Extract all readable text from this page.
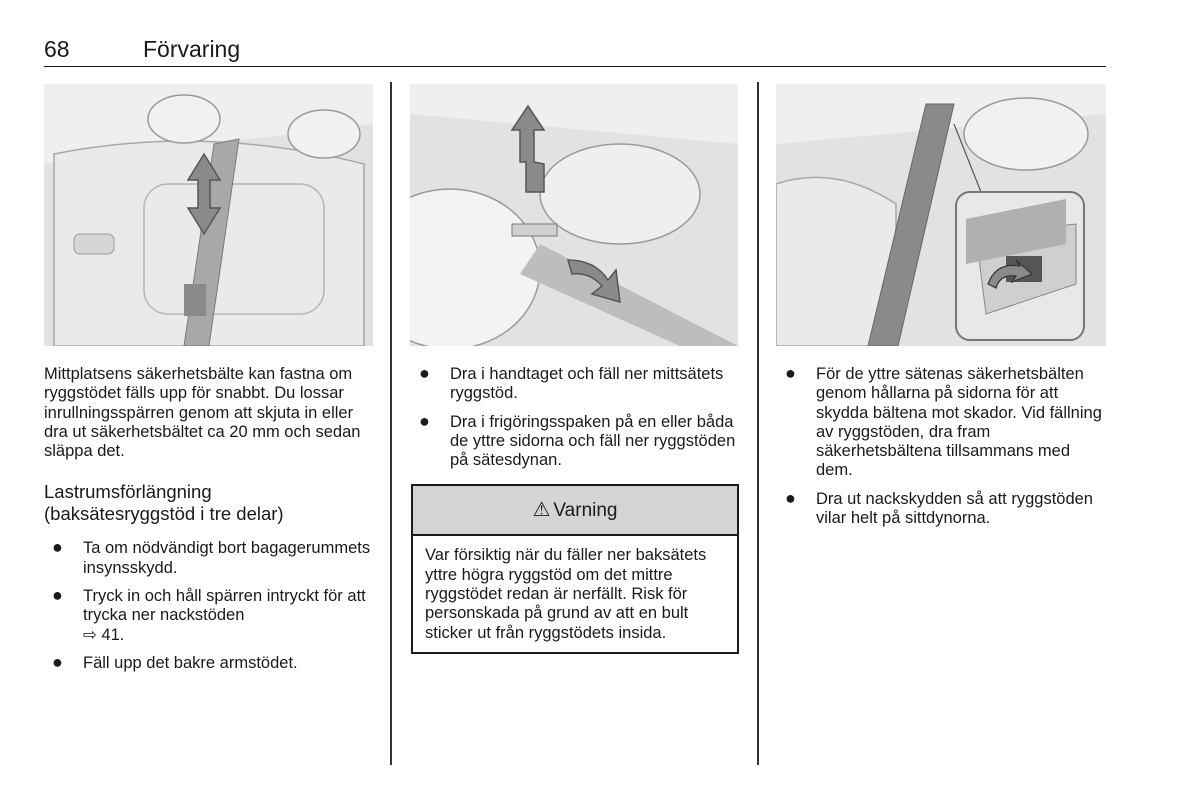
68	Förvaring

Mittplatsens säkerhetsbälte kan fastna om ryggstödet fälls upp för snabbt. Du lossar inrullningsspärren genom att skjuta in eller dra ut säkerhetsbältet ca 20 mm och sedan släppa det.

Lastrumsförlängning
(baksätesryggstöd i tre delar)
● Ta om nödvändigt bort bagagerummets insynsskydd.
● Tryck in och håll spärren intryckt för att trycka ner nackstöden
⇨ 41.
● Fäll upp det bakre armstödet.
● Dra i handtaget och fäll ner mittsätets ryggstöd.
● Dra i frigöringsspaken på en eller båda de yttre sidorna och fäll ner ryggstöden på sätesdynan.
⚠ Varning
Var försiktig när du fäller ner baksätets yttre högra ryggstöd om det mittre ryggstödet redan är nerfällt. Risk för personskada på grund av att en bult sticker ut från ryggstödets insida.
● För de yttre sätenas säkerhetsbälten genom hållarna på sidorna för att skydda bältena mot skador. Vid fällning av ryggstöden, dra fram säkerhetsbältena tillsammans med dem.
● Dra ut nackskydden så att ryggstöden vilar helt på sittdynorna.
